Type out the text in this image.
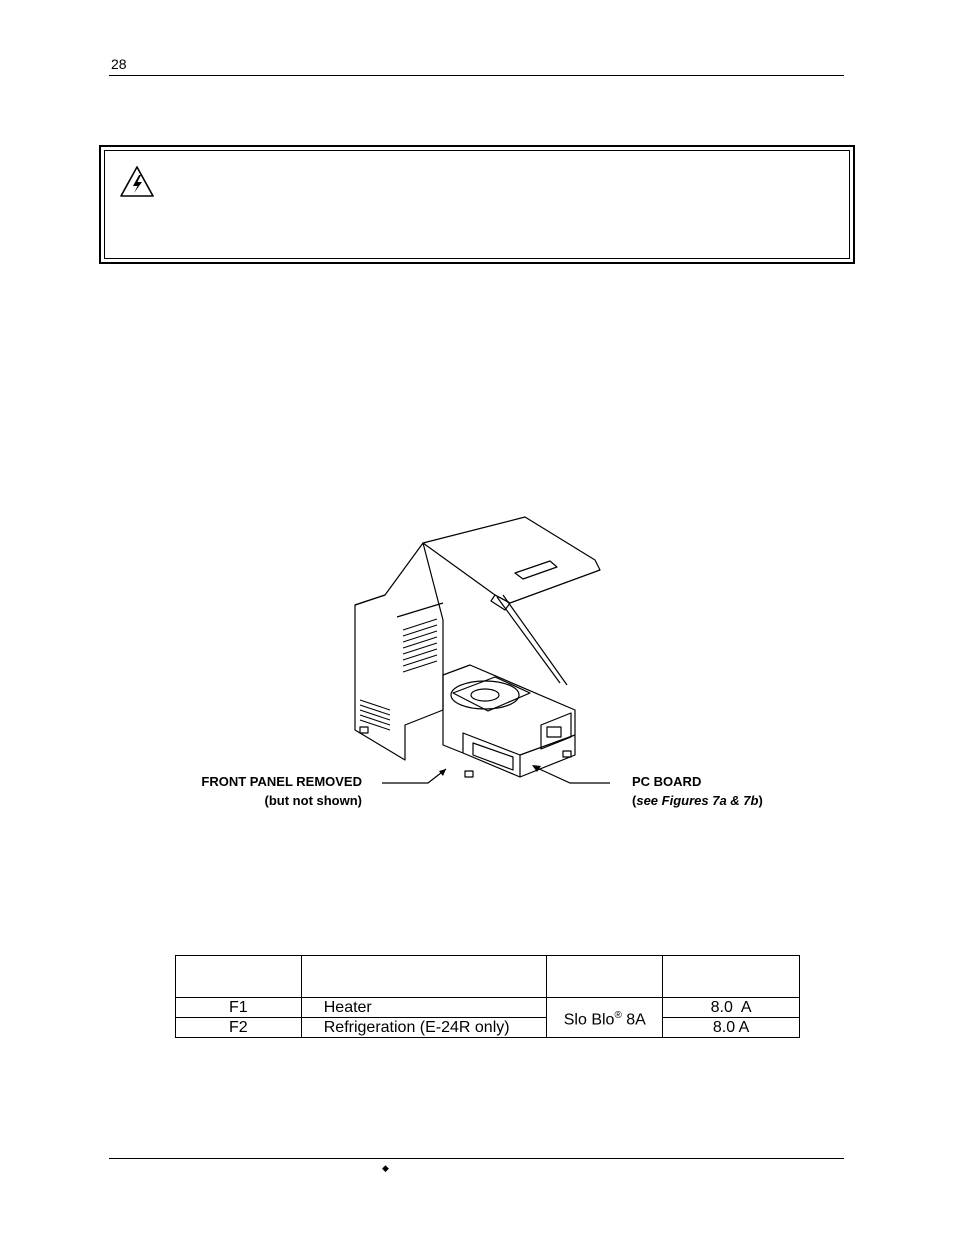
28
FRONT PANEL REMOVED
(but not shown)
PC BOARD
(see Figures 7a & 7b)

F1	Heater	Slo Blo® 8A	8.0  A
F2	Refrigeration (E-24R only)		8.0 A
◆
